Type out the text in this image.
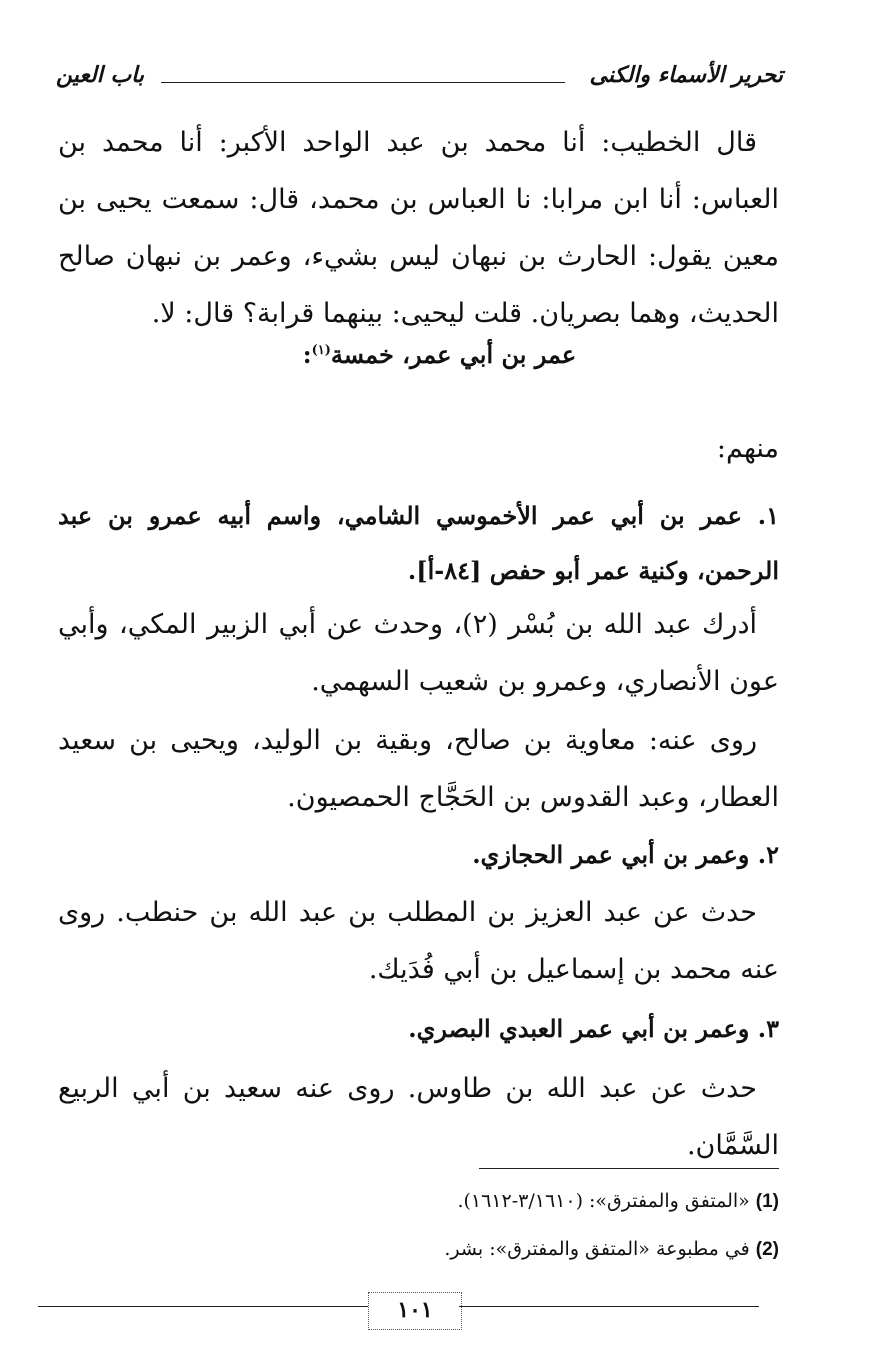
تحرير الأسماء والكنى
باب العين
قال الخطيب: أنا محمد بن عبد الواحد الأكبر: أنا محمد بن العباس: أنا ابن مرابا: نا العباس بن محمد، قال: سمعت يحيى بن معين يقول: الحارث بن نبهان ليس بشيء، وعمر بن نبهان صالح الحديث، وهما بصريان. قلت ليحيى: بينهما قرابة؟ قال: لا.
عمر بن أبي عمر، خمسة$^{(١)}$:
منهم:
١. عمر بن أبي عمر الأخموسي الشامي، واسم أبيه عمرو بن عبد الرحمن، وكنية عمر أبو حفص [٨٤-أ].
أدرك عبد الله بن بُسْر (٢)، وحدث عن أبي الزبير المكي، وأبي عون الأنصاري، وعمرو بن شعيب السهمي.
روى عنه: معاوية بن صالح، وبقية بن الوليد، ويحيى بن سعيد العطار، وعبد القدوس بن الحَجَّاج الحمصيون.
٢. وعمر بن أبي عمر الحجازي.
حدث عن عبد العزيز بن المطلب بن عبد الله بن حنطب. روى عنه محمد بن إسماعيل بن أبي فُدَيك.
٣. وعمر بن أبي عمر العبدي البصري.
حدث عن عبد الله بن طاوس. روى عنه سعيد بن أبي الربيع السَّمَّان.
(1)«المتفق والمفترق»: (٣/١٦١٠-١٦١٢).
(2)في مطبوعة «المتفق والمفترق»: بشر.
١٠١
